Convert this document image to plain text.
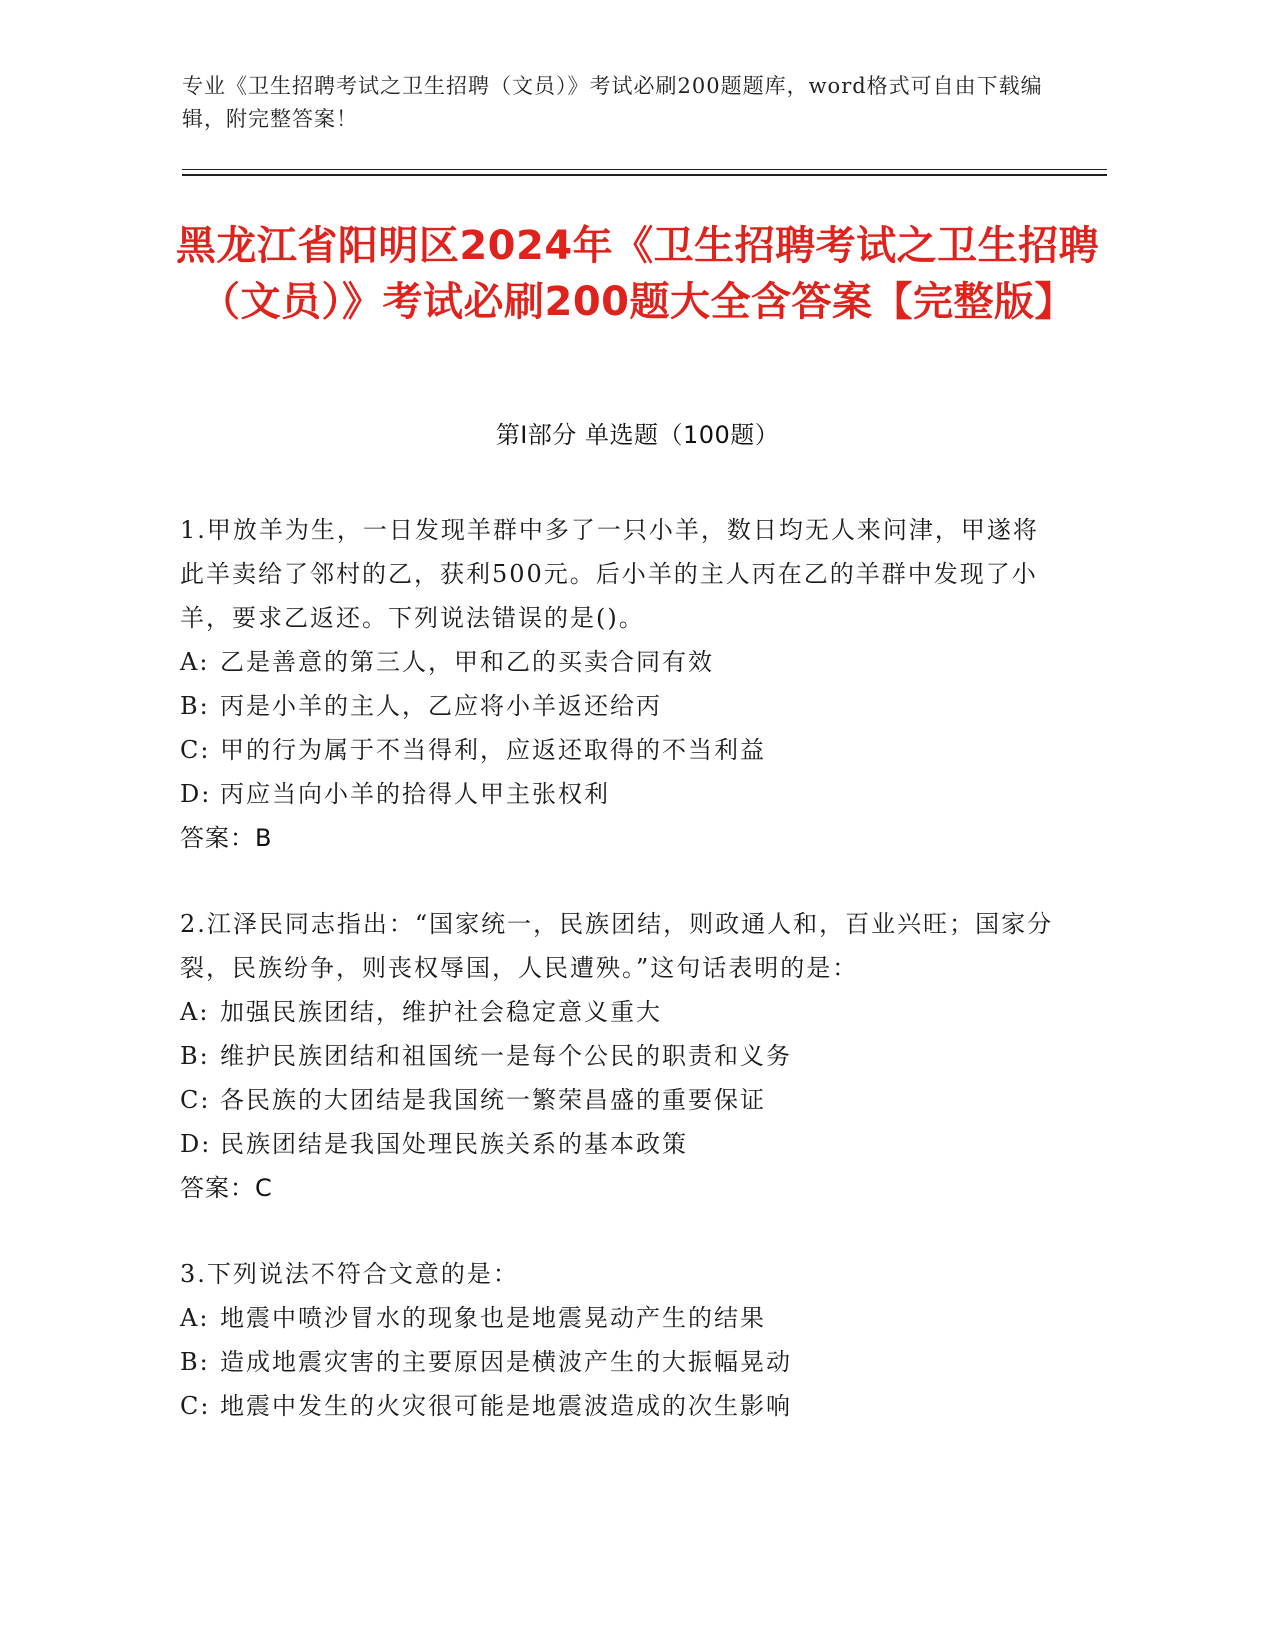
专业《卫生招聘考试之卫生招聘（文员）》考试必刷200题题库，word格式可自由下载编辑，附完整答案！
黑龙江省阳明区2024年《卫生招聘考试之卫生招聘（文员）》考试必刷200题大全含答案【完整版】
第Ⅰ部分 单选题（100题）
1.甲放羊为生，一日发现羊群中多了一只小羊，数日均无人来问津，甲遂将此羊卖给了邻村的乙，获利500元。后小羊的主人丙在乙的羊群中发现了小羊，要求乙返还。下列说法错误的是()。
A: 乙是善意的第三人，甲和乙的买卖合同有效
B: 丙是小羊的主人，乙应将小羊返还给丙
C: 甲的行为属于不当得利，应返还取得的不当利益
D: 丙应当向小羊的拾得人甲主张权利
答案：B
2.江泽民同志指出：“国家统一，民族团结，则政通人和，百业兴旺；国家分裂，民族纷争，则丧权辱国，人民遭殃。”这句话表明的是：
A: 加强民族团结，维护社会稳定意义重大
B: 维护民族团结和祖国统一是每个公民的职责和义务
C: 各民族的大团结是我国统一繁荣昌盛的重要保证
D: 民族团结是我国处理民族关系的基本政策
答案：C
3.下列说法不符合文意的是：
A: 地震中喷沙冒水的现象也是地震晃动产生的结果
B: 造成地震灾害的主要原因是横波产生的大振幅晃动
C: 地震中发生的火灾很可能是地震波造成的次生影响
